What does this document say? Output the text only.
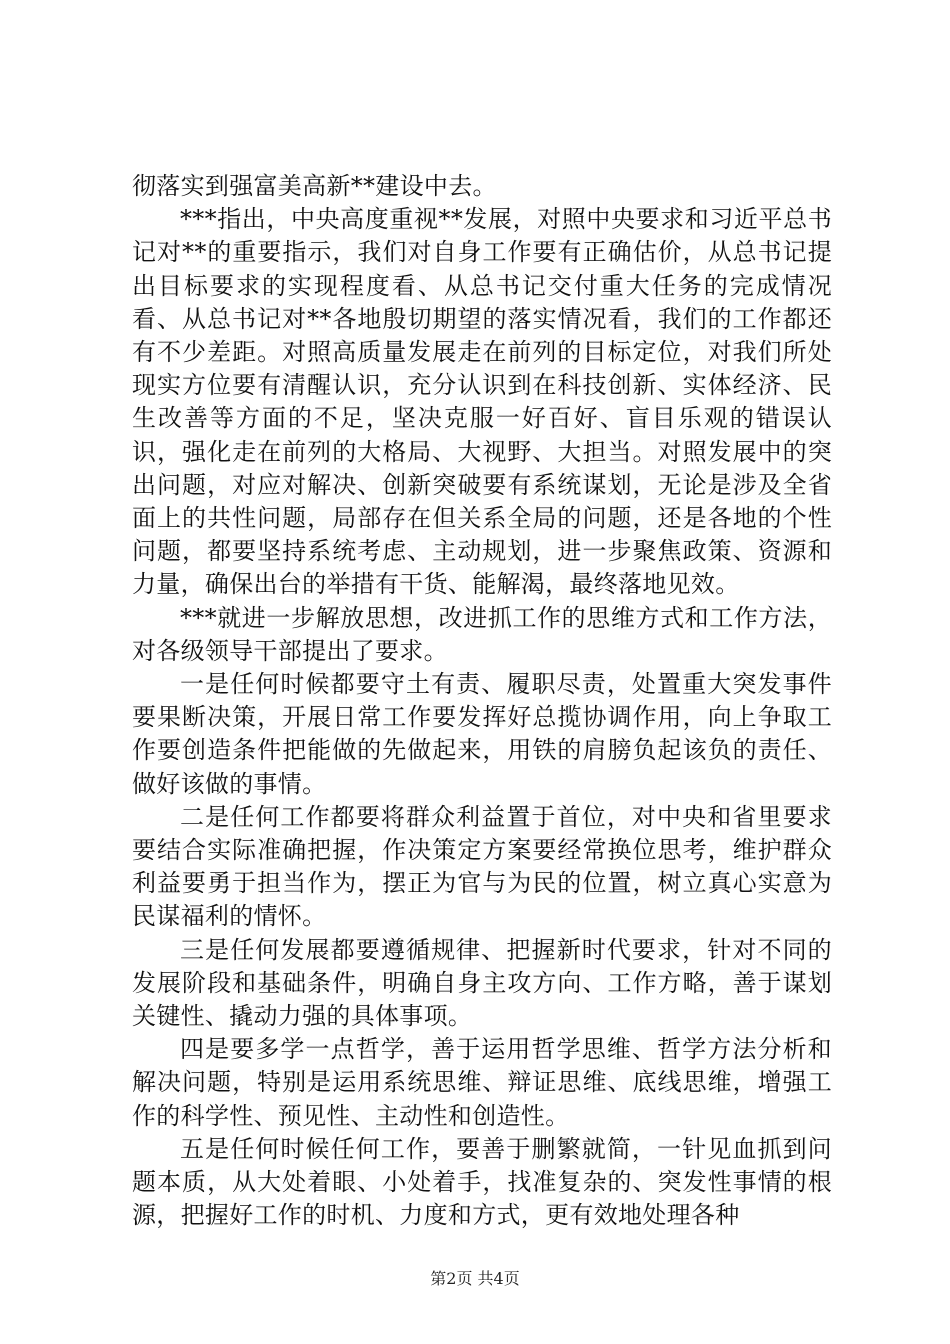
彻落实到强富美高新**建设中去。

***指出，中央高度重视**发展，对照中央要求和习近平总书记对**的重要指示，我们对自身工作要有正确估价，从总书记提出目标要求的实现程度看、从总书记交付重大任务的完成情况看、从总书记对**各地殷切期望的落实情况看，我们的工作都还有不少差距。对照高质量发展走在前列的目标定位，对我们所处现实方位要有清醒认识，充分认识到在科技创新、实体经济、民生改善等方面的不足，坚决克服一好百好、盲目乐观的错误认识，强化走在前列的大格局、大视野、大担当。对照发展中的突出问题，对应对解决、创新突破要有系统谋划，无论是涉及全省面上的共性问题，局部存在但关系全局的问题，还是各地的个性问题，都要坚持系统考虑、主动规划，进一步聚焦政策、资源和力量，确保出台的举措有干货、能解渴，最终落地见效。

***就进一步解放思想，改进抓工作的思维方式和工作方法，对各级领导干部提出了要求。

一是任何时候都要守土有责、履职尽责，处置重大突发事件要果断决策，开展日常工作要发挥好总揽协调作用，向上争取工作要创造条件把能做的先做起来，用铁的肩膀负起该负的责任、做好该做的事情。

二是任何工作都要将群众利益置于首位，对中央和省里要求要结合实际准确把握，作决策定方案要经常换位思考，维护群众利益要勇于担当作为，摆正为官与为民的位置，树立真心实意为民谋福利的情怀。

三是任何发展都要遵循规律、把握新时代要求，针对不同的发展阶段和基础条件，明确自身主攻方向、工作方略，善于谋划关键性、撬动力强的具体事项。

四是要多学一点哲学，善于运用哲学思维、哲学方法分析和解决问题，特别是运用系统思维、辩证思维、底线思维，增强工作的科学性、预见性、主动性和创造性。

五是任何时候任何工作，要善于删繁就简，一针见血抓到问题本质，从大处着眼、小处着手，找准复杂的、突发性事情的根源，把握好工作的时机、力度和方式，更有效地处理各种

第2页 共4页
